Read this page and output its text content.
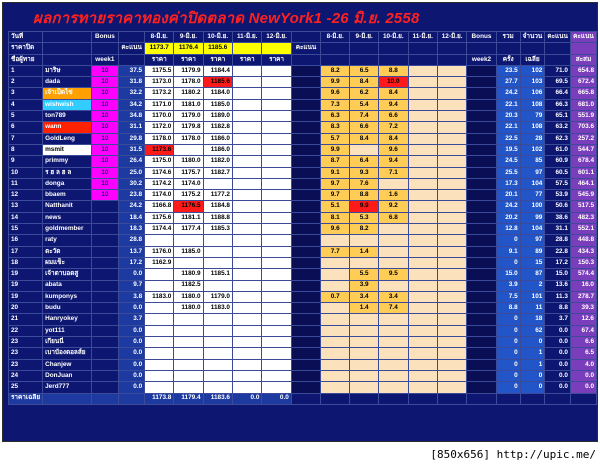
ผลการทายราคาทองค่าปิดตลาด NewYork1 -26 มิ.ย. 2558
วันที่		Bonus		8-มิ.ย.	9-มิ.ย.	10-มิ.ย.	11-มิ.ย.	12-มิ.ย.		8-มิ.ย.	9-มิ.ย.	10-มิ.ย.	11-มิ.ย.	12-มิ.ย.	Bonus	รวม	จำนวน	คะแนน	คะแนน
ราคาปิด			คะแนน	1173.7	1176.4	1185.6			คะแนน										
ชื่อผู้ทาย		week1		ราคา	ราคา	ราคา	ราคา	ราคา							week2	ครั้ง	เฉลี่ย		สะสม
1	มาริษ	10	37.5	1175.5	1179.9	1184.4				8.2	6.5	8.8				23.5	102	71.0	654.8
2	dada	10	31.8	1173.0	1178.0	1185.6				9.9	8.4	10.0				27.7	103	69.5	672.4
3	เจ้าเป็ดไข่	10	32.2	1173.2	1180.2	1184.0				9.6	6.2	8.4				24.2	106	66.4	665.8
4	wishwish	10	34.2	1171.0	1181.0	1185.0				7.3	5.4	9.4				22.1	108	66.3	681.0
5	ton789	10	34.8	1170.0	1179.0	1189.0				6.3	7.4	6.6				20.3	79	65.1	551.9
6	wann	10	31.1	1172.0	1179.8	1182.8				8.3	6.6	7.2				22.1	108	63.2	703.6
7	GoldLeng	10	29.8	1178.0	1178.0	1186.0				5.7	8.4	8.4				22.5	28	62.3	257.2
8	msmit	10	31.5	1173.6		1186.0				9.9		9.6				19.5	102	61.0	544.7
9	primmy	10	26.4	1175.0	1180.0	1182.0				8.7	6.4	9.4				24.5	85	60.9	678.4
10	ร ฮ ล ฮ ล	10	25.0	1174.6	1175.7	1182.7				9.1	9.3	7.1				25.5	97	60.5	601.1
11	donga	10	30.2	1174.2	1174.0					9.7	7.6					17.3	104	57.5	464.1
12	bbaem	10	23.8	1174.0	1175.2	1177.2				9.7	8.8	1.6				20.1	77	53.9	545.9
13	Natthanit		24.2	1166.8	1176.5	1184.8				5.1	9.9	9.2				24.2	100	50.6	517.5
14	news		18.4	1175.6	1181.1	1188.8				8.1	5.3	6.8				20.2	99	38.6	482.3
15	goldmember		18.3	1174.4	1177.4	1185.3				9.6	8.2					12.8	104	31.1	552.1
16	raty		28.8													0	97	28.8	448.8
17	ตะวัด		13.7	1176.0	1185.0					7.7	1.4					9.1	89	22.8	434.3
18	ผมแช็ะ		17.2	1162.9												0	15	17.2	150.3
19	เจ้าตาบอดสู		0.0		1180.9	1185.1					5.5	9.5				15.0	87	15.0	574.4
19	abata		9.7		1182.5						3.9					3.9	2	13.6	16.0
19	kumponys		3.8	1183.0	1180.0	1179.0				0.7	3.4	3.4				7.5	101	11.3	278.7
20	budu		0.0		1180.0	1183.0					1.4	7.4				8.8	11	8.8	39.3
21	Hanryokey		3.7													0	18	3.7	12.6
22	yot111		0.0													0	62	0.0	67.4
23	เกียนนี่		0.0													0	0	0.0	6.6
23	เบาบ้องตอลส์ย		0.0													0	1	0.0	6.5
23	Chanjew		0.0													0	1	0.0	4.0
24	DonJuan		0.0													0	0	0.0	0.0
25	Jerd777		0.0													0	0	0.0	0.0
ราคาเฉลี่ย				1173.8	1179.4	1183.6	0.0	0.0											
[850x656] http://upic.me/
